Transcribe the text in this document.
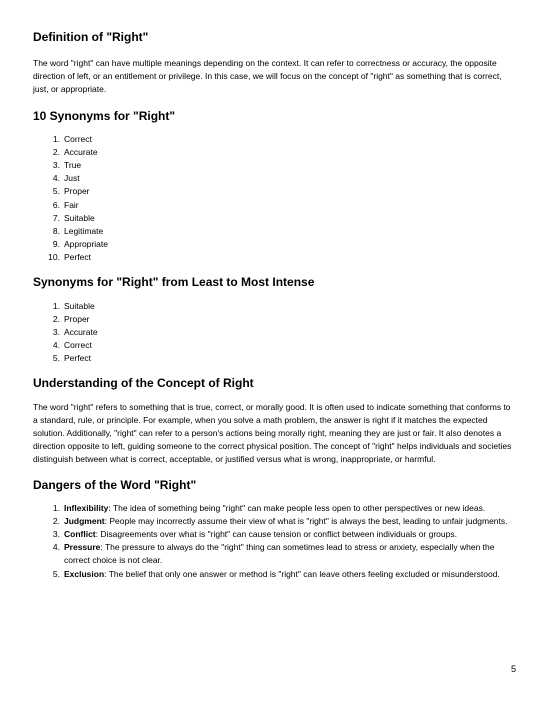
Definition of "Right"

The word "right" can have multiple meanings depending on the context. It can refer to correctness or accuracy, the opposite direction of left, or an entitlement or privilege. In this case, we will focus on the concept of "right" as something that is correct, just, or appropriate.

10 Synonyms for "Right"
1. Correct
2. Accurate
3. True
4. Just
5. Proper
6. Fair
7. Suitable
8. Legitimate
9. Appropriate
10. Perfect
Synonyms for "Right" from Least to Most Intense
1. Suitable
2. Proper
3. Accurate
4. Correct
5. Perfect
Understanding of the Concept of Right

The word "right" refers to something that is true, correct, or morally good. It is often used to indicate something that conforms to a standard, rule, or principle. For example, when you solve a math problem, the answer is right if it matches the expected solution. Additionally, "right" can refer to a person's actions being morally right, meaning they are just or fair. It also denotes a direction opposite to left, guiding someone to the correct physical position. The concept of "right" helps individuals and societies distinguish between what is correct, acceptable, or justified versus what is wrong, inappropriate, or harmful.

Dangers of the Word "Right"
1. Inflexibility: The idea of something being "right" can make people less open to other perspectives or new ideas.
2. Judgment: People may incorrectly assume their view of what is "right" is always the best, leading to unfair judgments.
3. Conflict: Disagreements over what is "right" can cause tension or conflict between individuals or groups.
4. Pressure: The pressure to always do the "right" thing can sometimes lead to stress or anxiety, especially when the correct choice is not clear.
5. Exclusion: The belief that only one answer or method is "right" can leave others feeling excluded or misunderstood.
5
